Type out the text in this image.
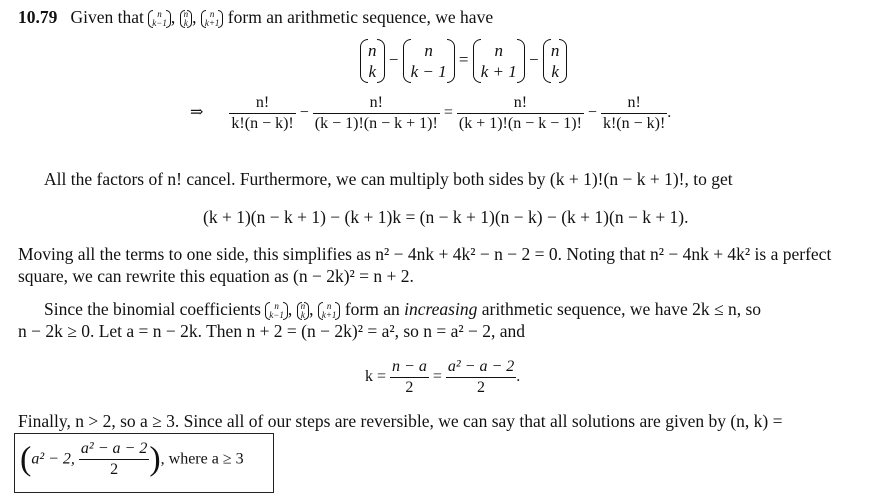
10.79 Given that	n
k−1 , n
k ,	n
k+1 form an arithmetic sequence, we have
n
k
−	n
k − 1
=	n
k + 1
− n
k
⇒ $\frac{n!}{k!(n - k)!} - \frac{n!}{(k - 1)!(n - k + 1)!} = \frac{n!}{(k + 1)!(n - k - 1)!} - \frac{n!}{k!(n - k)!}$ .
All the factors of n! cancel. Furthermore, we can multiply both sides by (k + 1)!(n − k + 1)!, to get
(k + 1)(n − k + 1) − (k + 1)k = (n − k + 1)(n − k) − (k + 1)(n − k + 1).
Moving all the terms to one side, this simplifies as n² − 4nk + 4k² − n − 2 = 0. Noting that n² − 4nk + 4k² is a perfect
square, we can rewrite this equation as (n − 2k)² = n + 2.
Since the binomial coefficients	n
k−1 , n
k ,	n
k+1 form an increasing arithmetic sequence, we have 2k ≤ n, so
n − 2k ≥ 0. Let a = n − 2k. Then n + 2 = (n − 2k)² = a², so n = a² − 2, and
$k = \frac{n - a}{2} = \frac{\text{a² − a − 2}}{2}$ .
Finally, n > 2, so a ≥ 3. Since all of our steps are reversible, we can say that all solutions are given by (n, k) =
(a² − 2, $\frac{\text{a² − a − 2}}{2}$ ), where a ≥ 3
